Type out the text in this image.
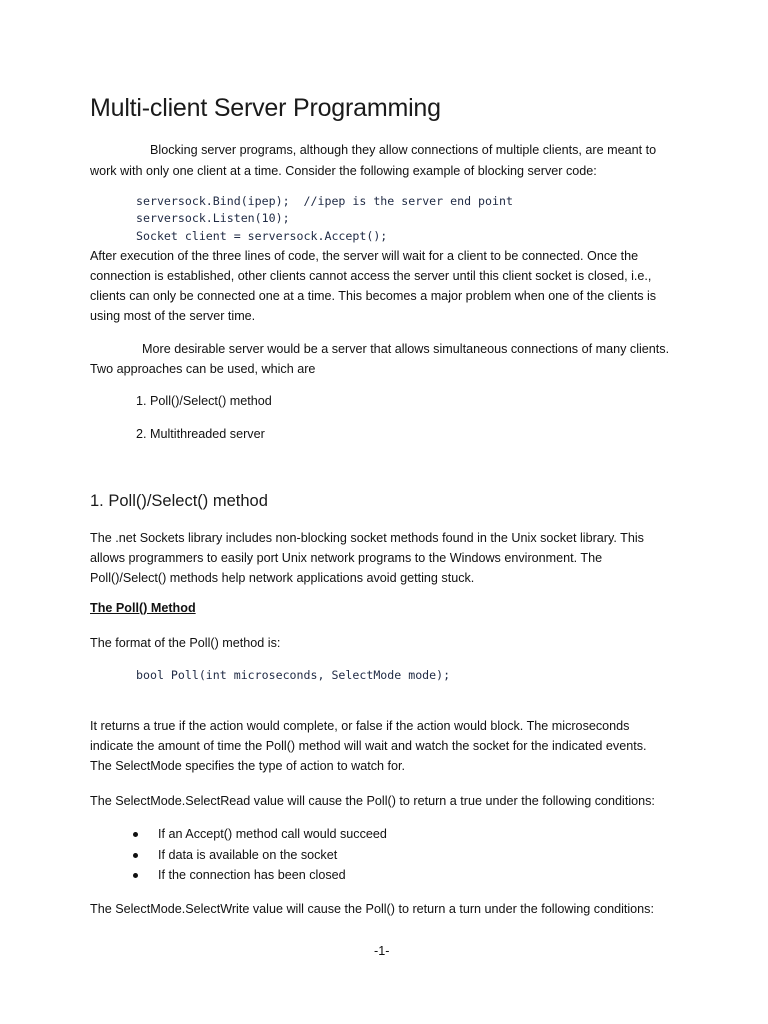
Multi-client Server Programming
Blocking server programs, although they allow connections of multiple clients, are meant to
work with only one client at a time. Consider the following example of blocking server code:
serversock.Bind(ipep); //ipep is the server end point
serversock.Listen(10);
Socket client = serversock.Accept();
After execution of the three lines of code, the server will wait for a client to be connected. Once the
connection is established, other clients cannot access the server until this client socket is closed, i.e.,
clients can only be connected one at a time. This becomes a major problem when one of the clients is
using most of the server time.
More desirable server would be a server that allows simultaneous connections of many clients.
Two approaches can be used, which are
1. Poll()/Select() method
2. Multithreaded server
1. Poll()/Select() method
The .net Sockets library includes non-blocking socket methods found in the Unix socket library. This
allows programmers to easily port Unix network programs to the Windows environment. The
Poll()/Select() methods help network applications avoid getting stuck.
The Poll() Method
The format of the Poll() method is:
bool Poll(int microseconds, SelectMode mode);
It returns a true if the action would complete, or false if the action would block. The microseconds
indicate the amount of time the Poll() method will wait and watch the socket for the indicated events.
The SelectMode specifies the type of action to watch for.
The SelectMode.SelectRead value will cause the Poll() to return a true under the following conditions:
If an Accept() method call would succeed
If data is available on the socket
If the connection has been closed
The SelectMode.SelectWrite value will cause the Poll() to return a turn under the following conditions:
-1-
